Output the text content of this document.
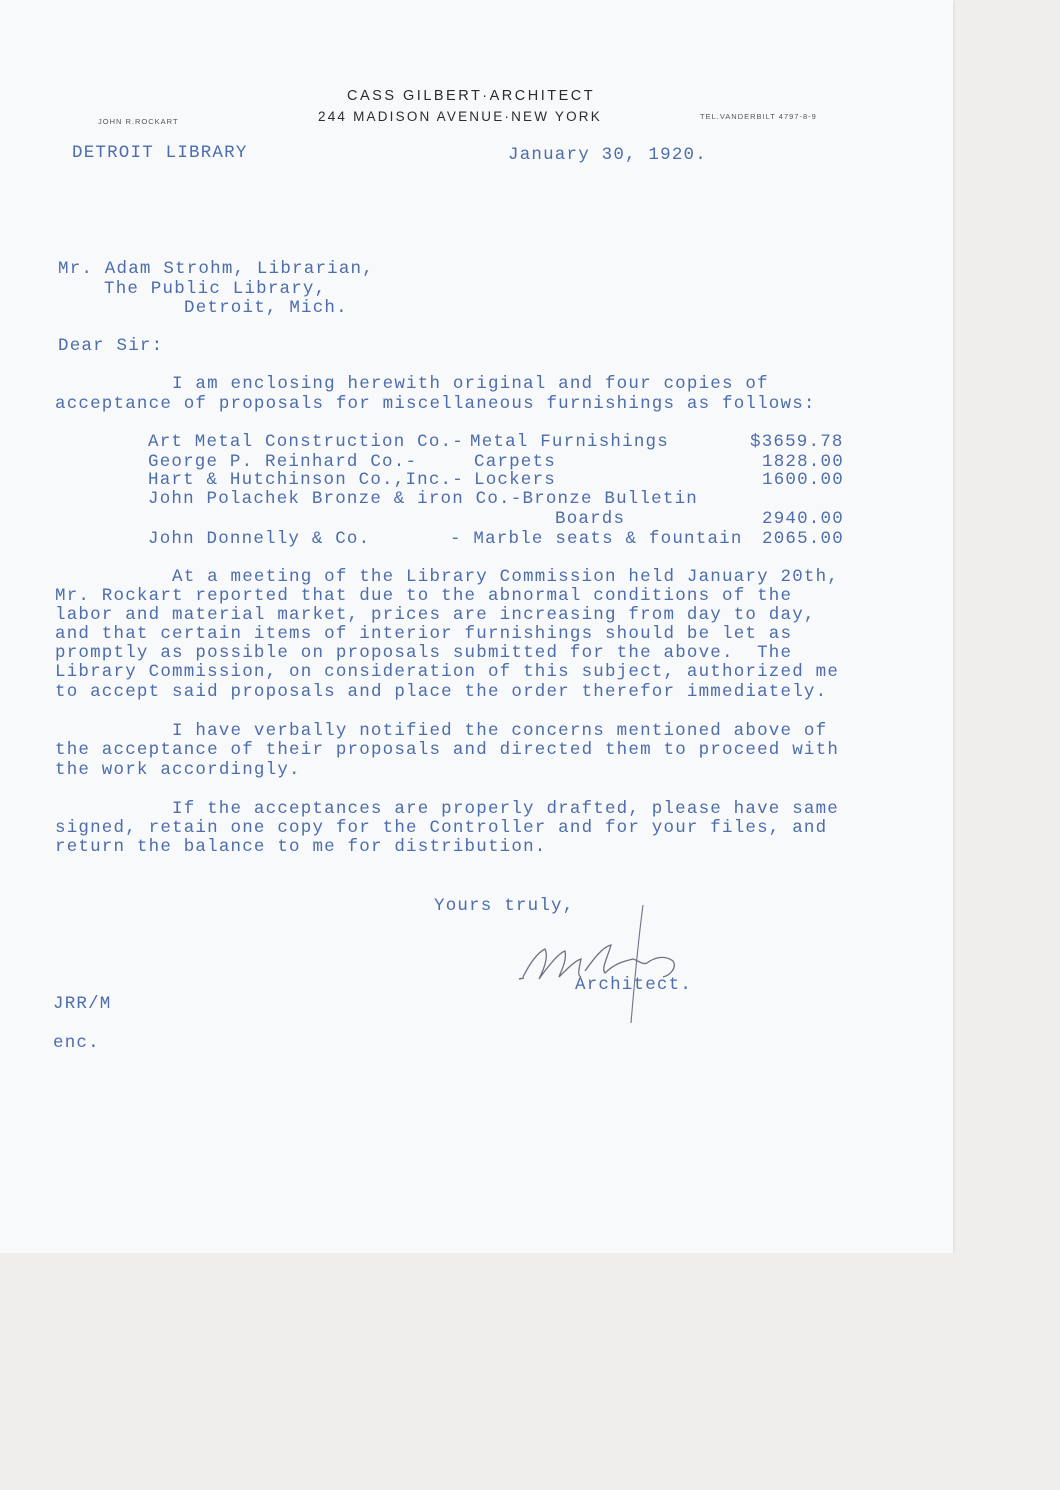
CASS GILBERT·ARCHITECT
244 MADISON AVENUE·NEW YORK
JOHN R.ROCKART
TEL.VANDERBILT 4797-8-9
DETROIT LIBRARY	January 30, 1920.
Mr. Adam Strohm, Librarian,
The Public Library,
Detroit, Mich.
Dear Sir:
I am enclosing herewith original and four copies of
acceptance of proposals for miscellaneous furnishings as follows:
Art Metal Construction Co.- Metal Furnishings	$3659.78
George P. Reinhard Co.-	Carpets	1828.00
Hart & Hutchinson Co.,Inc.- Lockers	1600.00
John Polachek Bronze & iron Co.-Bronze Bulletin
Boards	2940.00
John Donnelly & Co.	- Marble seats & fountain 2065.00
At a meeting of the Library Commission held January 20th,
Mr. Rockart reported that due to the abnormal conditions of the
labor and material market, prices are increasing from day to day,
and that certain items of interior furnishings should be let as
promptly as possible on proposals submitted for the above.  The
Library Commission, on consideration of this subject, authorized me
to accept said proposals and place the order therefor immediately.
I have verbally notified the concerns mentioned above of
the acceptance of their proposals and directed them to proceed with
the work accordingly.
If the acceptances are properly drafted, please have same
signed, retain one copy for the Controller and for your files, and
return the balance to me for distribution.
Yours truly,
Architect.
JRR/M
enc.
